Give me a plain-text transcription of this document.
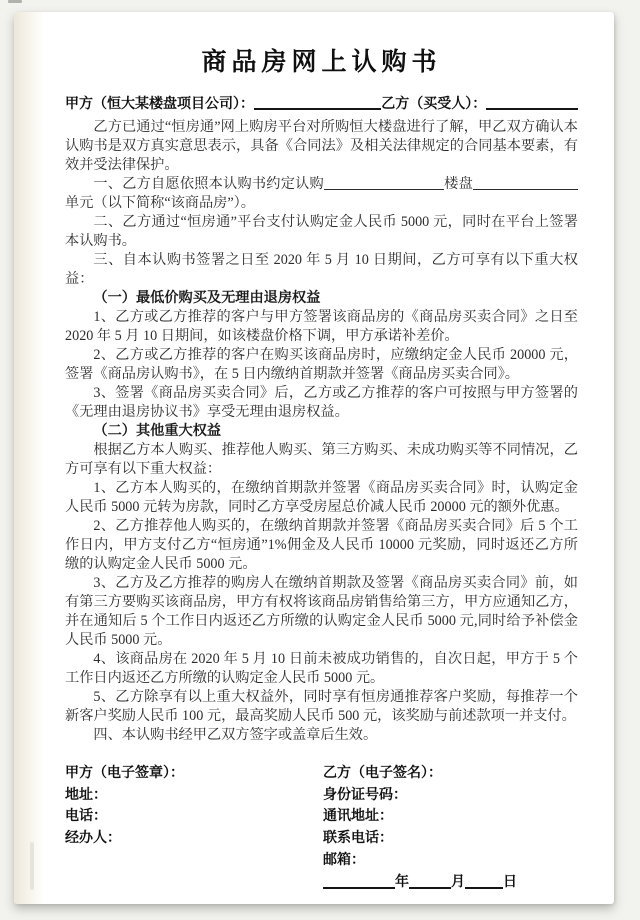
商品房网上认购书
甲方（恒大某楼盘项目公司）：	乙方（买受人）：
乙方已通过“恒房通”网上购房平台对所购恒大楼盘进行了解，甲乙双方确认本认购书是双方真实意思表示，具备《合同法》及相关法律规定的合同基本要素，有效并受法律保护。
一、乙方自愿依照本认购书约定认购	楼盘单元（以下简称“该商品房”）。
二、乙方通过“恒房通”平台支付认购定金人民币 5000 元，同时在平台上签署本认购书。
三、自本认购书签署之日至 2020 年 5 月 10 日期间，乙方可享有以下重大权益：
（一）最低价购买及无理由退房权益
1、乙方或乙方推荐的客户与甲方签署该商品房的《商品房买卖合同》之日至 2020 年 5 月 10 日期间，如该楼盘价格下调，甲方承诺补差价。
2、乙方或乙方推荐的客户在购买该商品房时，应缴纳定金人民币 20000 元，签署《商品房认购书》，在 5 日内缴纳首期款并签署《商品房买卖合同》。
3、签署《商品房买卖合同》后，乙方或乙方推荐的客户可按照与甲方签署的《无理由退房协议书》享受无理由退房权益。
（二）其他重大权益
根据乙方本人购买、推荐他人购买、第三方购买、未成功购买等不同情况，乙方可享有以下重大权益：
1、乙方本人购买的，在缴纳首期款并签署《商品房买卖合同》时，认购定金人民币 5000 元转为房款，同时乙方享受房屋总价减人民币 20000 元的额外优惠。
2、乙方推荐他人购买的，在缴纳首期款并签署《商品房买卖合同》后 5 个工作日内，甲方支付乙方“恒房通”1%佣金及人民币 10000 元奖励，同时返还乙方所缴的认购定金人民币 5000 元。
3、乙方及乙方推荐的购房人在缴纳首期款及签署《商品房买卖合同》前，如有第三方要购买该商品房，甲方有权将该商品房销售给第三方，甲方应通知乙方，并在通知后 5 个工作日内返还乙方所缴的认购定金人民币 5000 元,同时给予补偿金人民币 5000 元。
4、该商品房在 2020 年 5 月 10 日前未被成功销售的，自次日起，甲方于 5 个工作日内返还乙方所缴的认购定金人民币 5000 元。
5、乙方除享有以上重大权益外，同时享有恒房通推荐客户奖励，每推荐一个新客户奖励人民币 100 元，最高奖励人民币 500 元，该奖励与前述款项一并支付。
四、本认购书经甲乙双方签字或盖章后生效。
甲方（电子签章）：
地址：
电话：
经办人：
乙方（电子签名）：
身份证号码：
通讯地址：
联系电话：
邮箱：
年	月	日
